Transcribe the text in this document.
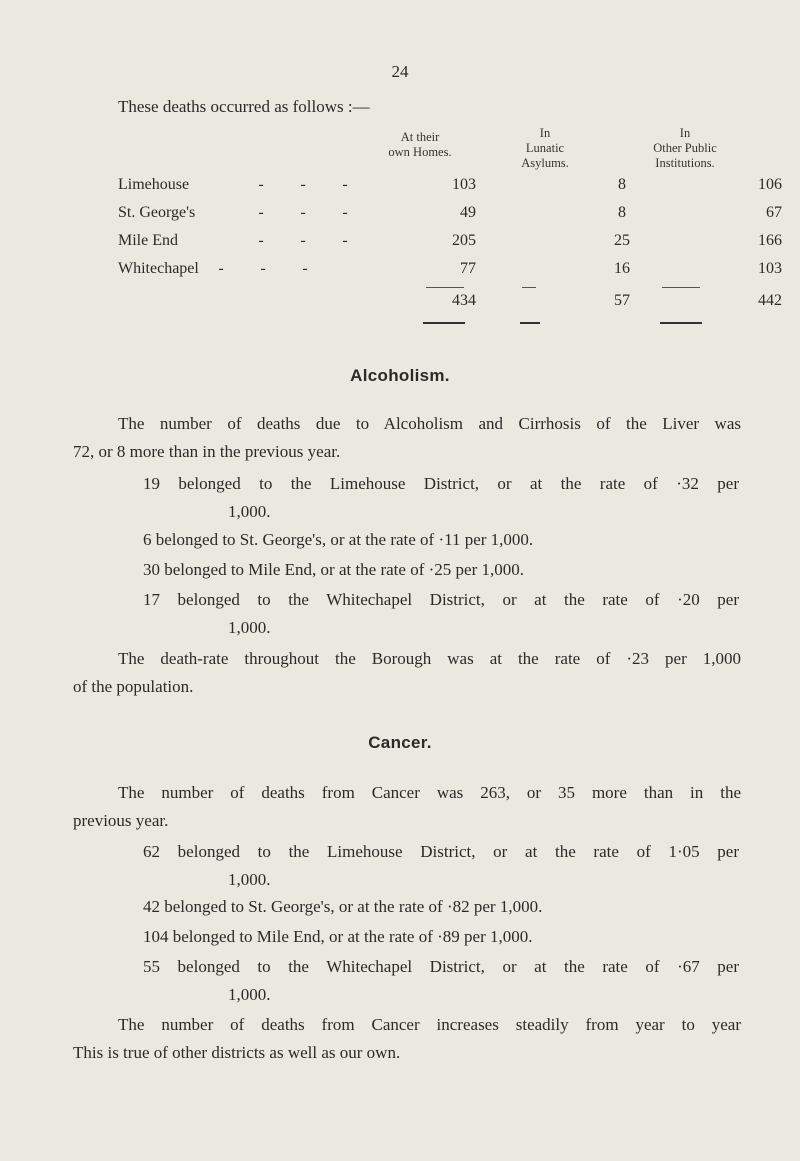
24
These deaths occurred as follows :—
At their
own Homes.
In
Lunatic
Asylums.
In
Other Public
Institutions.
Limehouse	- - -	103	8	106
St. George's	- - -	49	8	67
Mile End	- - -	205	25	166
Whitechapel - - -	77	16	103
434	57	442
Alcoholism.
The number of deaths due to Alcoholism and Cirrhosis of the Liver was
72, or 8 more than in the previous year.
19 belonged to the Limehouse District, or at the rate of ·32 per
1,000.
6 belonged to St. George's, or at the rate of ·11 per 1,000.
30 belonged to Mile End, or at the rate of ·25 per 1,000.
17 belonged to the Whitechapel District, or at the rate of ·20 per
1,000.
The death-rate throughout the Borough was at the rate of ·23 per 1,000
of the population.
Cancer.
The number of deaths from Cancer was 263, or 35 more than in the
previous year.
62 belonged to the Limehouse District, or at the rate of 1·05 per
1,000.
42 belonged to St. George's, or at the rate of ·82 per 1,000.
104 belonged to Mile End, or at the rate of ·89 per 1,000.
55 belonged to the Whitechapel District, or at the rate of ·67 per
1,000.
The number of deaths from Cancer increases steadily from year to year
This is true of other districts as well as our own.
